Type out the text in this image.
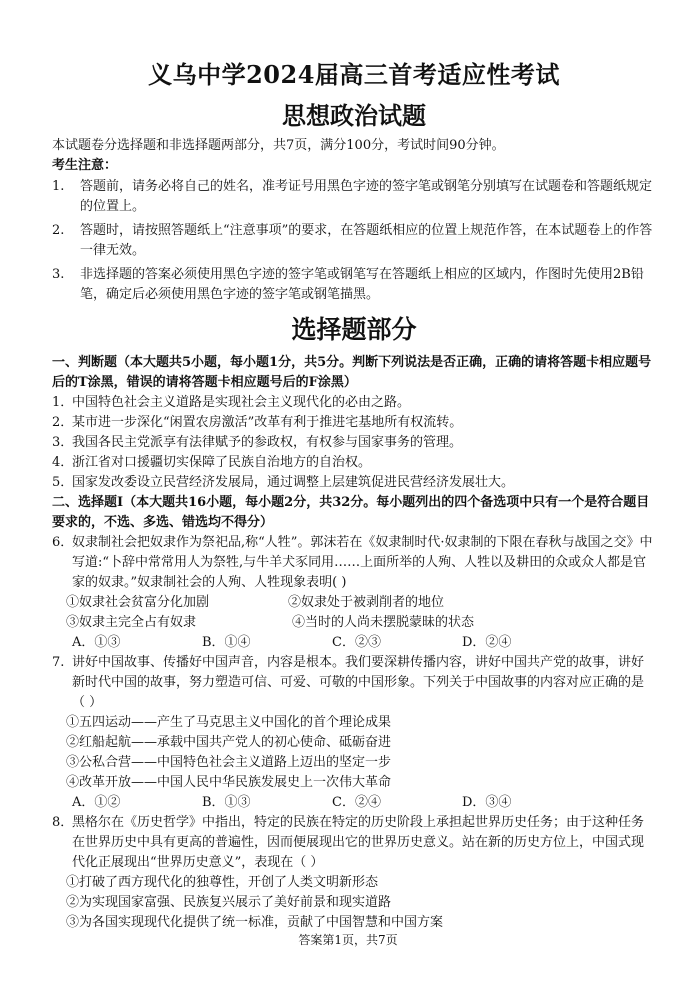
义乌中学2024届高三首考适应性考试
思想政治试题

本试题卷分选择题和非选择题两部分，共7页，满分100分，考试时间90分钟。

考生注意：

1.	答题前，请务必将自己的姓名，准考证号用黑色字迹的签字笔或钢笔分别填写在试题卷和答题纸规定的位置上。
2.	答题时，请按照答题纸上“注意事项”的要求，在答题纸相应的位置上规范作答，在本试题卷上的作答一律无效。
3.	非选择题的答案必须使用黑色字迹的签字笔或钢笔写在答题纸上相应的区域内，作图时先使用2B铅笔，确定后必须使用黑色字迹的签字笔或钢笔描黑。
选择题部分

一、判断题（本大题共5小题，每小题1分，共5分。判断下列说法是否正确，正确的请将答题卡相应题号后的T涂黑，错误的请将答题卡相应题号后的F涂黑）

1．
中国特色社会主义道路是实现社会主义现代化的必由之路。
2．
某市进一步深化“闲置农房激活”改革有利于推进宅基地所有权流转。
3．
我国各民主党派享有法律赋予的参政权，有权参与国家事务的管理。
4．
浙江省对口援疆切实保障了民族自治地方的自治权。
5．
国家发改委设立民营经济发展局，通过调整上层建筑促进民营经济发展壮大。

二、选择题Ⅰ（本大题共16小题，每小题2分，共32分。每小题列出的四个备选项中只有一个是符合题目要求的，不选、多选、错选均不得分）

6．
奴隶制社会把奴隶作为祭祀品,称“人牲”。郭沫若在《奴隶制时代·奴隶制的下限在春秋与战国之交》中写道:“卜辞中常常用人为祭牲,与牛羊犬豕同用……上面所举的人殉、人牲以及耕田的众或众人都是官家的奴隶。”奴隶制社会的人殉、人牲现象表明( )
①奴隶社会贫富分化加剧	②奴隶处于被剥削者的地位
③奴隶主完全占有奴隶	④当时的人尚未摆脱蒙昧的状态
A．①③	B．①④	C．②③	D．②④
7. 讲好中国故事、传播好中国声音，内容是根本。我们要深耕传播内容，讲好中国共产党的故事，讲好新时代中国的故事，努力塑造可信、可爱、可敬的中国形象。下列关于中国故事的内容对应正确的是（ ）
①五四运动——产生了马克思主义中国化的首个理论成果
②红船起航——承载中国共产党人的初心使命、砥砺奋进
③公私合营——中国特色社会主义道路上迈出的坚定一步
④改革开放——中国人民中华民族发展史上一次伟大革命
A．①②	B．①③	C．②④	D．③④
8．
黑格尔在《历史哲学》中指出，特定的民族在特定的历史阶段上承担起世界历史任务；由于这种任务在世界历史中具有更高的普遍性，因而便展现出它的世界历史意义。站在新的历史方位上，中国式现代化正展现出“世界历史意义”，表现在（ ）
①打破了西方现代化的独尊性，开创了人类文明新形态
②为实现国家富强、民族复兴展示了美好前景和现实道路
③为各国实现现代化提供了统一标准，贡献了中国智慧和中国方案
答案第1页，共7页
